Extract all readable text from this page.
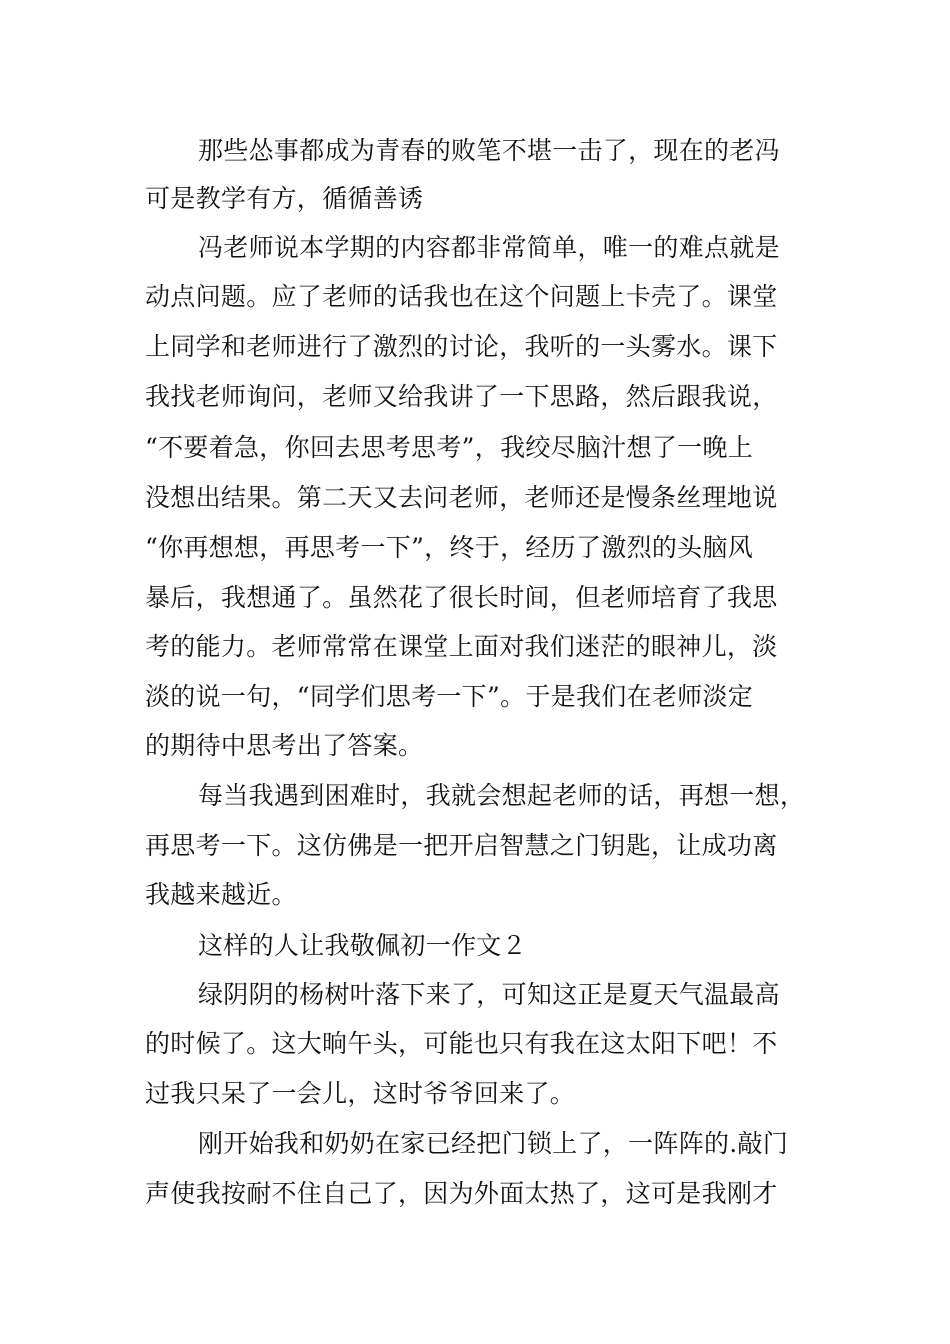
那些怂事都成为青春的败笔不堪一击了，现在的老冯
可是教学有方，循循善诱
冯老师说本学期的内容都非常简单，唯一的难点就是
动点问题。应了老师的话我也在这个问题上卡壳了。课堂
上同学和老师进行了激烈的讨论，我听的一头雾水。课下
我找老师询问，老师又给我讲了一下思路，然后跟我说，
“不要着急，你回去思考思考”，我绞尽脑汁想了一晚上
没想出结果。第二天又去问老师，老师还是慢条丝理地说
“你再想想，再思考一下”，终于，经历了激烈的头脑风
暴后，我想通了。虽然花了很长时间，但老师培育了我思
考的能力。老师常常在课堂上面对我们迷茫的眼神儿，淡
淡的说一句，“同学们思考一下”。于是我们在老师淡定
的期待中思考出了答案。
每当我遇到困难时，我就会想起老师的话，再想一想，
再思考一下。这仿佛是一把开启智慧之门钥匙，让成功离
我越来越近。
这样的人让我敬佩初一作文２
绿阴阴的杨树叶落下来了，可知这正是夏天气温最高
的时候了。这大晌午头，可能也只有我在这太阳下吧！不
过我只呆了一会儿，这时爷爷回来了。
刚开始我和奶奶在家已经把门锁上了，一阵阵的.敲门
声使我按耐不住自己了，因为外面太热了，这可是我刚才
